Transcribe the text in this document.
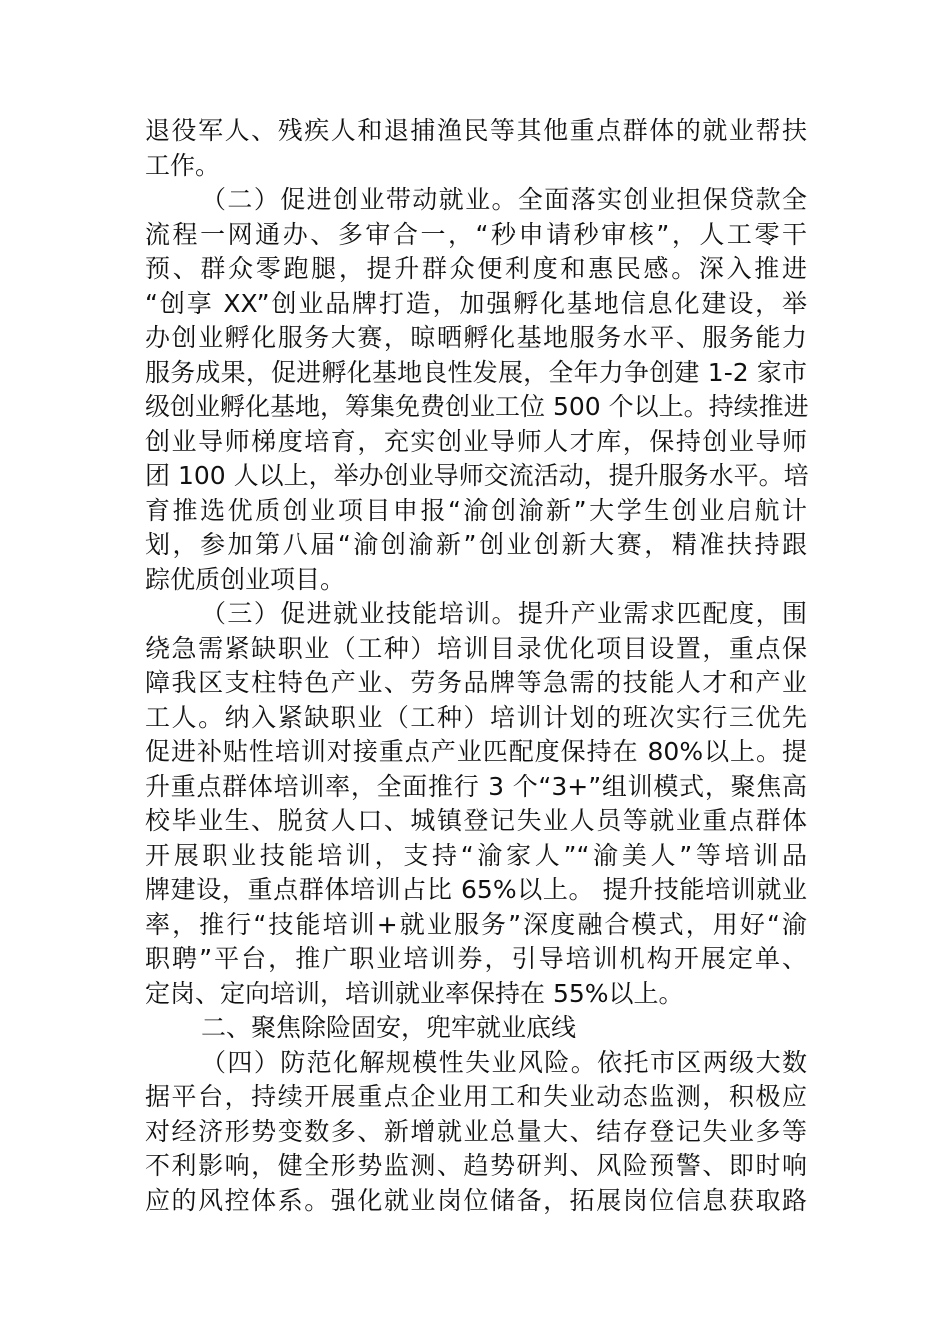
退役军人、残疾人和退捕渔民等其他重点群体的就业帮扶
工作。
（二）促进创业带动就业。全面落实创业担保贷款全
流程一网通办、多审合一，“秒申请秒审核”，人工零干
预、群众零跑腿，提升群众便利度和惠民感。深入推进
“创享 XX”创业品牌打造，加强孵化基地信息化建设，举
办创业孵化服务大赛，晾晒孵化基地服务水平、服务能力
服务成果，促进孵化基地良性发展，全年力争创建 1-2 家市
级创业孵化基地，筹集免费创业工位 500 个以上。持续推进
创业导师梯度培育，充实创业导师人才库，保持创业导师
团 100 人以上，举办创业导师交流活动，提升服务水平。培
育推选优质创业项目申报“渝创渝新”大学生创业启航计
划，参加第八届“渝创渝新”创业创新大赛，精准扶持跟
踪优质创业项目。
（三）促进就业技能培训。提升产业需求匹配度，围
绕急需紧缺职业（工种）培训目录优化项目设置，重点保
障我区支柱特色产业、劳务品牌等急需的技能人才和产业
工人。纳入紧缺职业（工种）培训计划的班次实行三优先
促进补贴性培训对接重点产业匹配度保持在 80%以上。提
升重点群体培训率，全面推行 3 个“3+”组训模式，聚焦高
校毕业生、脱贫人口、城镇登记失业人员等就业重点群体
开展职业技能培训，支持“渝家人”“渝美人”等培训品
牌建设，重点群体培训占比 65%以上。 提升技能培训就业
率，推行“技能培训+就业服务”深度融合模式，用好“渝
职聘”平台，推广职业培训券，引导培训机构开展定单、
定岗、定向培训，培训就业率保持在 55%以上。
二、聚焦除险固安，兜牢就业底线
（四）防范化解规模性失业风险。依托市区两级大数
据平台，持续开展重点企业用工和失业动态监测，积极应
对经济形势变数多、新增就业总量大、结存登记失业多等
不利影响，健全形势监测、趋势研判、风险预警、即时响
应的风控体系。强化就业岗位储备，拓展岗位信息获取路
